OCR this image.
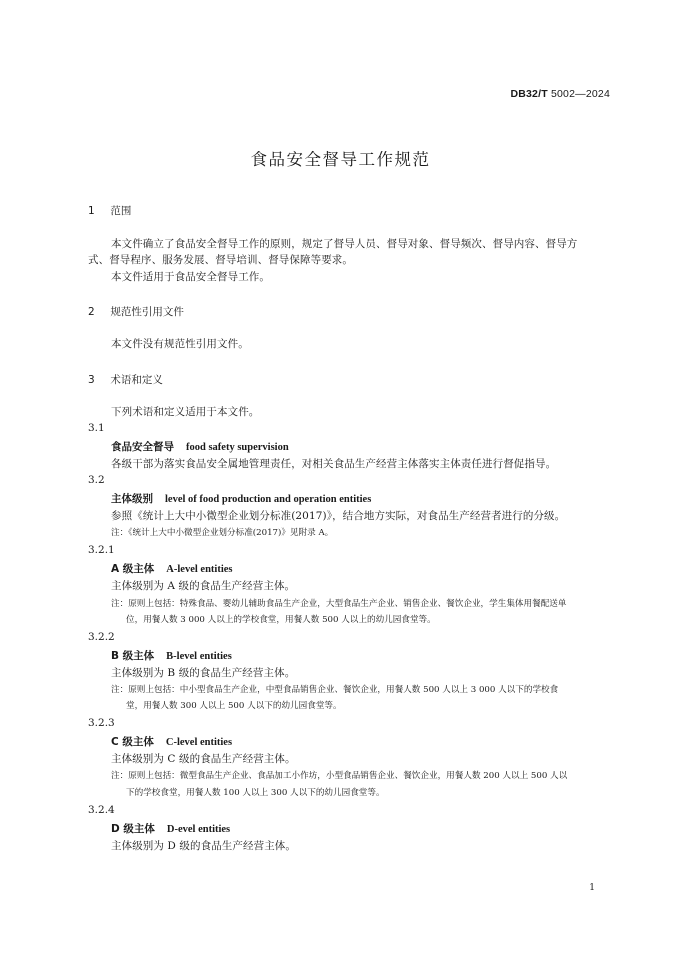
DB32/T 5002—2024
食品安全督导工作规范
1 范围
本文件确立了食品安全督导工作的原则，规定了督导人员、督导对象、督导频次、督导内容、督导方
式、督导程序、服务发展、督导培训、督导保障等要求。
本文件适用于食品安全督导工作。
2 规范性引用文件
本文件没有规范性引用文件。
3 术语和定义
下列术语和定义适用于本文件。
3.1
食品安全督导 food safety supervision
各级干部为落实食品安全属地管理责任，对相关食品生产经营主体落实主体责任进行督促指导。
3.2
主体级别 level of food production and operation entities
参照《统计上大中小微型企业划分标准(2017)》，结合地方实际，对食品生产经营者进行的分级。
注：《统计上大中小微型企业划分标准(2017)》见附录 A。
3.2.1
A 级主体 A-level entities
主体级别为 A 级的食品生产经营主体。
注：原则上包括：特殊食品、婴幼儿辅助食品生产企业，大型食品生产企业、销售企业、餐饮企业，学生集体用餐配送单
位，用餐人数 3 000 人以上的学校食堂，用餐人数 500 人以上的幼儿园食堂等。
3.2.2
B 级主体 B-level entities
主体级别为 B 级的食品生产经营主体。
注：原则上包括：中小型食品生产企业，中型食品销售企业、餐饮企业，用餐人数 500 人以上 3 000 人以下的学校食
堂，用餐人数 300 人以上 500 人以下的幼儿园食堂等。
3.2.3
C 级主体 C-level entities
主体级别为 C 级的食品生产经营主体。
注：原则上包括：微型食品生产企业、食品加工小作坊，小型食品销售企业、餐饮企业，用餐人数 200 人以上 500 人以
下的学校食堂，用餐人数 100 人以上 300 人以下的幼儿园食堂等。
3.2.4
D 级主体 D-evel entities
主体级别为 D 级的食品生产经营主体。
1
